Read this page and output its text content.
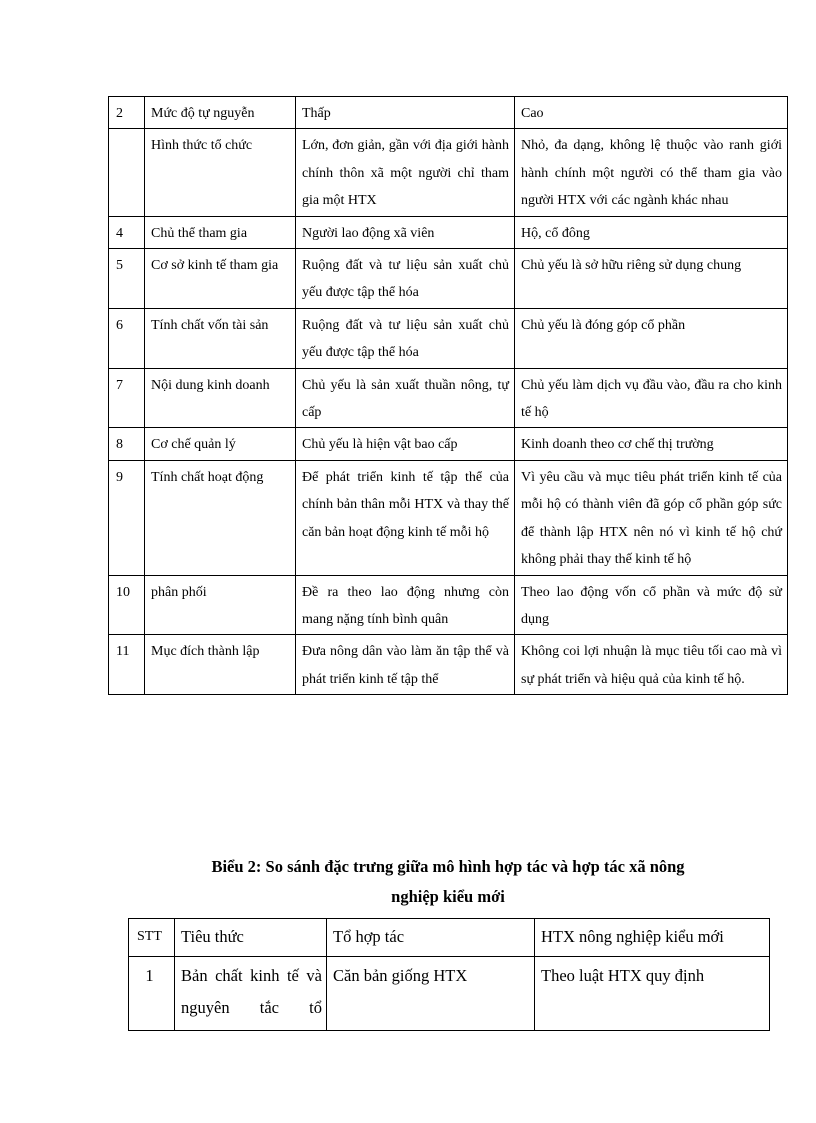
2	Mức độ tự nguyễn	Thấp	Cao
	Hình thức tổ chức	Lớn, đơn giản, gần với địa giới hành chính thôn xã một người chỉ tham gia một HTX	Nhỏ, đa dạng, không lệ thuộc vào ranh giới hành chính một người có thể tham gia vào người HTX với các ngành khác nhau
4	Chủ thể tham gia	Người lao động xã viên	Hộ, cổ đông
5	Cơ sở kinh tế tham gia	Ruộng đất và tư liệu sản xuất chủ yếu được tập thể hóa	Chủ yếu là sở hữu riêng sử dụng chung
6	Tính chất vốn tài sản	Ruộng đất và tư liệu sản xuất chủ yếu được tập thể hóa	Chủ yếu là đóng góp cổ phần
7	Nội dung kinh doanh	Chủ yếu là sản xuất thuần nông, tự cấp	Chủ yếu làm dịch vụ đầu vào, đầu ra cho kinh tế hộ
8	Cơ chế quản lý	Chủ yếu là hiện vật bao cấp	Kinh doanh theo cơ chế thị trường
9	Tính chất hoạt động	Để phát triển kinh tế tập thể của chính bản thân mỗi HTX và thay thế căn bản hoạt động kinh tế mỗi hộ	Vì yêu cầu và mục tiêu phát triển kinh tế của mỗi hộ có thành viên đã góp cổ phần góp sức để thành lập HTX nên nó vì kinh tế hộ chứ không phải thay thế kinh tế hộ
10	phân phối	Đề ra theo lao động nhưng còn mang nặng tính bình quân	Theo lao động vốn cổ phần và mức độ sử dụng
11	Mục đích thành lập	Đưa nông dân vào làm ăn tập thể và phát triển kinh tế tập thể	Không coi lợi nhuận là mục tiêu tối cao mà vì sự phát triển và hiệu quả của kinh tế hộ.
Biểu 2: So sánh đặc trưng giữa mô hình hợp tác và hợp tác xã nông
nghiệp kiểu mới
STT	Tiêu thức	Tổ hợp tác	HTX nông nghiệp kiểu mới
1	Bản chất kinh tế và nguyên tắc tổ	Căn bản giống HTX	Theo luật HTX quy định
